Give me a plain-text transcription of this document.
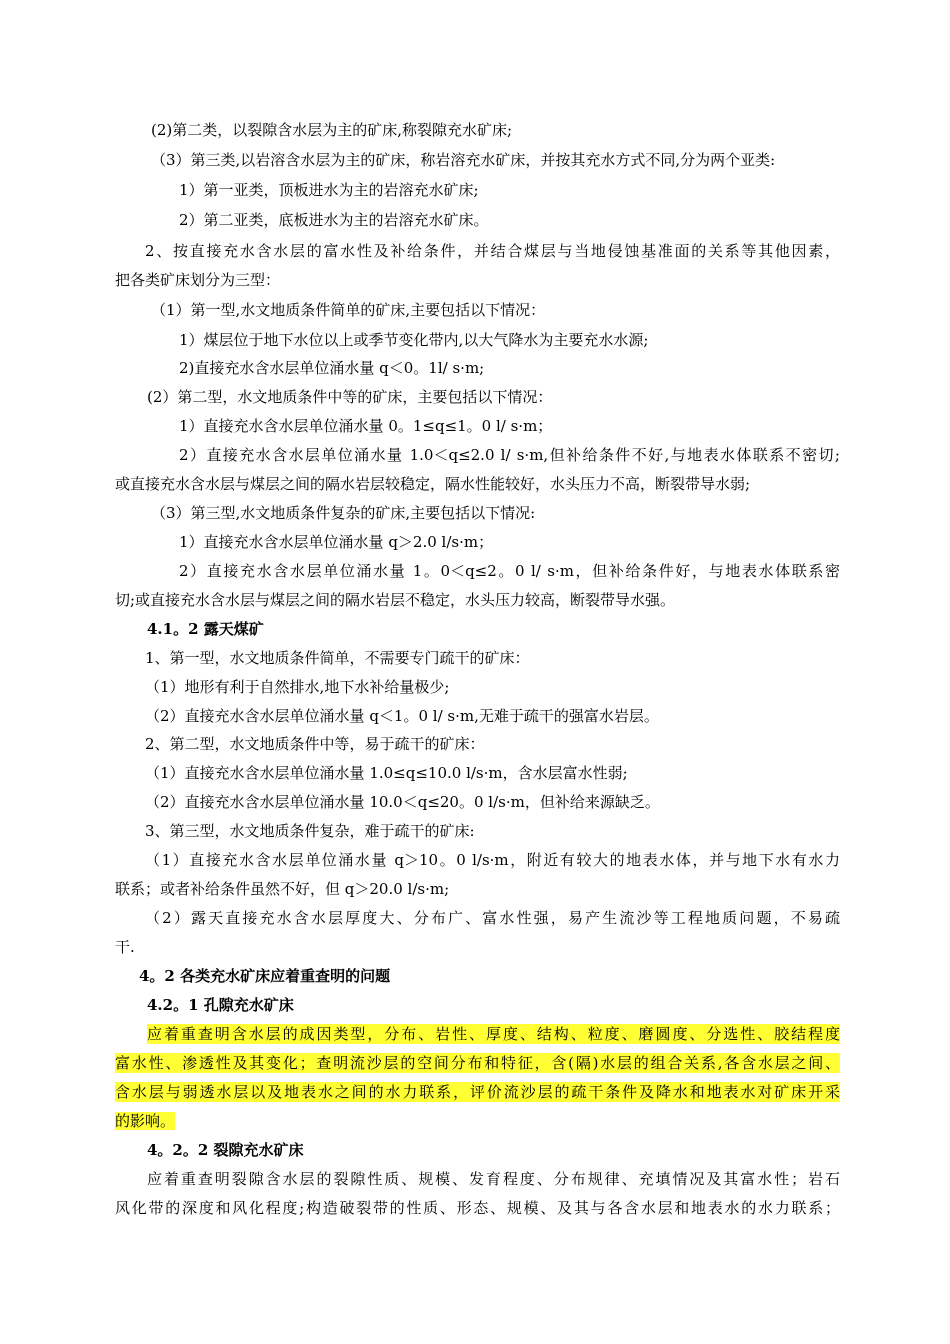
(2)第二类，以裂隙含水层为主的矿床,称裂隙充水矿床;
（3）第三类,以岩溶含水层为主的矿床，称岩溶充水矿床，并按其充水方式不同,分为两个亚类:
1）第一亚类，顶板进水为主的岩溶充水矿床;
2）第二亚类，底板进水为主的岩溶充水矿床。
2、按直接充水含水层的富水性及补给条件，并结合煤层与当地侵蚀基准面的关系等其他因素，
把各类矿床划分为三型：
（1）第一型,水文地质条件简单的矿床,主要包括以下情况：
1）煤层位于地下水位以上或季节变化带内,以大气降水为主要充水水源;
2)直接充水含水层单位涌水量 q＜0。1l/ s·m;
(2）第二型，水文地质条件中等的矿床，主要包括以下情况：
1）直接充水含水层单位涌水量 0。1≤q≤1。0 l/ s·m；
2）直接充水含水层单位涌水量 1.0＜q≤2.0 l/ s·m,但补给条件不好,与地表水体联系不密切;
或直接充水含水层与煤层之间的隔水岩层较稳定，隔水性能较好，水头压力不高，断裂带导水弱;
（3）第三型,水文地质条件复杂的矿床,主要包括以下情况:
1）直接充水含水层单位涌水量 q＞2.0 l/s·m；
2）直接充水含水层单位涌水量 1。0＜q≤2。0 l/ s·m，但补给条件好，与地表水体联系密
切;或直接充水含水层与煤层之间的隔水岩层不稳定，水头压力较高，断裂带导水强。
4.1。2 露天煤矿
1、第一型，水文地质条件简单，不需要专门疏干的矿床：
（1）地形有利于自然排水,地下水补给量极少;
（2）直接充水含水层单位涌水量 q＜1。0 l/ s·m,无难于疏干的强富水岩层。
2、第二型，水文地质条件中等，易于疏干的矿床：
（1）直接充水含水层单位涌水量 1.0≤q≤10.0 l/s·m，含水层富水性弱;
（2）直接充水含水层单位涌水量 10.0＜q≤20。0 l/s·m，但补给来源缺乏。
3、第三型，水文地质条件复杂，难于疏干的矿床:
（1）直接充水含水层单位涌水量 q＞10。0 l/s·m，附近有较大的地表水体，并与地下水有水力
联系；或者补给条件虽然不好，但 q＞20.0 l/s·m;
（2）露天直接充水含水层厚度大、分布广、富水性强，易产生流沙等工程地质问题，不易疏
干.
4。2 各类充水矿床应着重查明的问题
4.2。1 孔隙充水矿床
应着重查明含水层的成因类型，分布、岩性、厚度、结构、粒度、磨圆度、分选性、胶结程度
富水性、渗透性及其变化；查明流沙层的空间分布和特征，含(隔)水层的组合关系,各含水层之间、
含水层与弱透水层以及地表水之间的水力联系，评价流沙层的疏干条件及降水和地表水对矿床开采
的影响。
4。2。2 裂隙充水矿床
应着重查明裂隙含水层的裂隙性质、规模、发育程度、分布规律、充填情况及其富水性；岩石
风化带的深度和风化程度;构造破裂带的性质、形态、规模、及其与各含水层和地表水的水力联系；
